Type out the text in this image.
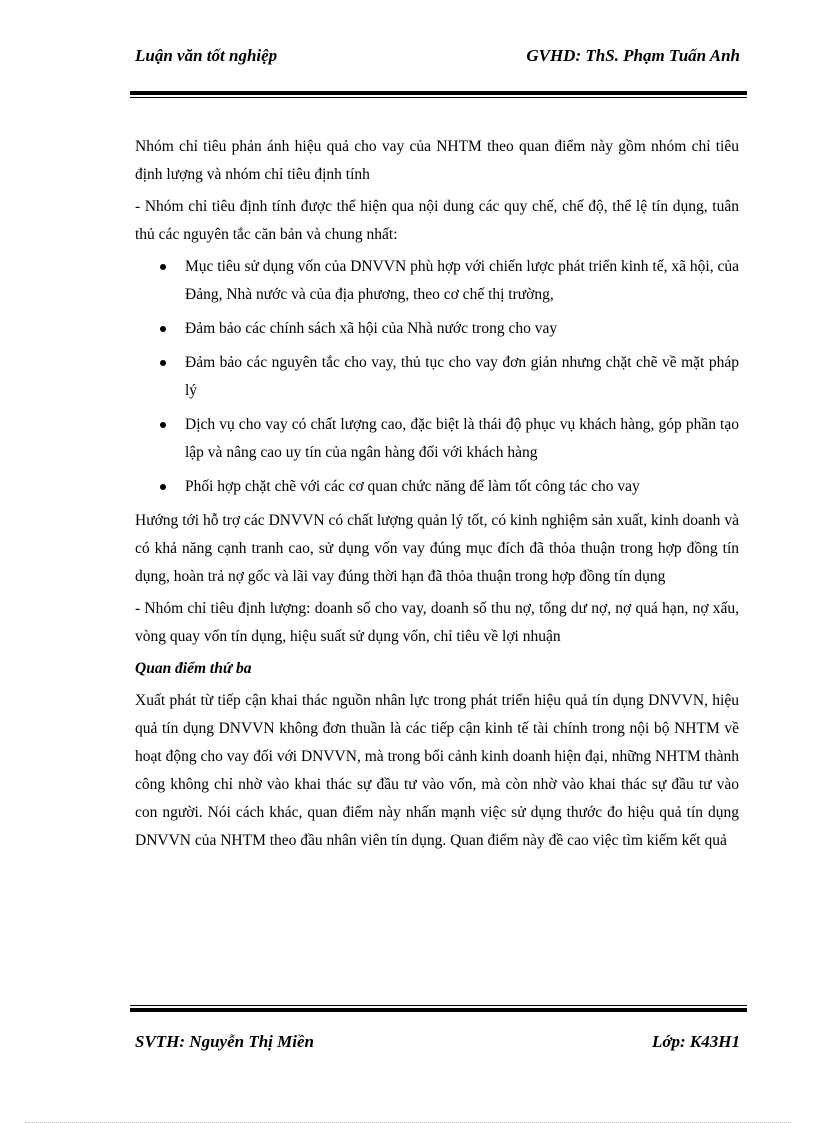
Luận văn tốt nghiệp	GVHD: ThS. Phạm Tuấn Anh

Nhóm chỉ tiêu phản ánh hiệu quả cho vay của NHTM theo quan điểm này gồm nhóm chỉ tiêu định lượng và nhóm chỉ tiêu định tính

- Nhóm chỉ tiêu định tính được thể hiện qua nội dung các quy chế, chế độ, thể lệ tín dụng, tuân thủ các nguyên tắc căn bản và chung nhất:

Mục tiêu sử dụng vốn của DNVVN phù hợp với chiến lược phát triển kinh tế, xã hội, của Đảng, Nhà nước và của địa phương, theo cơ chế thị trường,
Đảm bảo các chính sách xã hội của Nhà nước trong cho vay
Đảm bảo các nguyên tắc cho vay, thủ tục cho vay đơn giản nhưng chặt chẽ về mặt pháp lý
Dịch vụ cho vay có chất lượng cao, đặc biệt là thái độ phục vụ khách hàng, góp phần tạo lập và nâng cao uy tín của ngân hàng đối với khách hàng
Phối hợp chặt chẽ với các cơ quan chức năng để làm tốt công tác cho vay

Hướng tới hỗ trợ các DNVVN có chất lượng quản lý tốt, có kinh nghiệm sản xuất, kinh doanh và có khả năng cạnh tranh cao, sử dụng vốn vay đúng mục đích đã thỏa thuận trong hợp đồng tín dụng, hoàn trả nợ gốc và lãi vay đúng thời hạn đã thỏa thuận trong hợp đồng tín dụng

- Nhóm chỉ tiêu định lượng: doanh số cho vay, doanh số thu nợ, tổng dư nợ, nợ quá hạn, nợ xấu, vòng quay vốn tín dụng, hiệu suất sử dụng vốn, chỉ tiêu về lợi nhuận

Quan điểm thứ ba

Xuất phát từ tiếp cận khai thác nguồn nhân lực trong phát triển hiệu quả tín dụng DNVVN, hiệu quả tín dụng DNVVN không đơn thuần là các tiếp cận kinh tế tài chính trong nội bộ NHTM về hoạt động cho vay đối với DNVVN, mà trong bối cảnh kinh doanh hiện đại, những NHTM thành công không chỉ nhờ vào khai thác sự đầu tư vào vốn, mà còn nhờ vào khai thác sự đầu tư vào con người. Nói cách khác, quan điểm này nhấn mạnh việc sử dụng thước đo hiệu quả tín dụng DNVVN của NHTM theo đầu nhân viên tín dụng. Quan điểm này đề cao việc tìm kiếm kết quả

SVTH: Nguyễn Thị Miền	Lớp: K43H1
